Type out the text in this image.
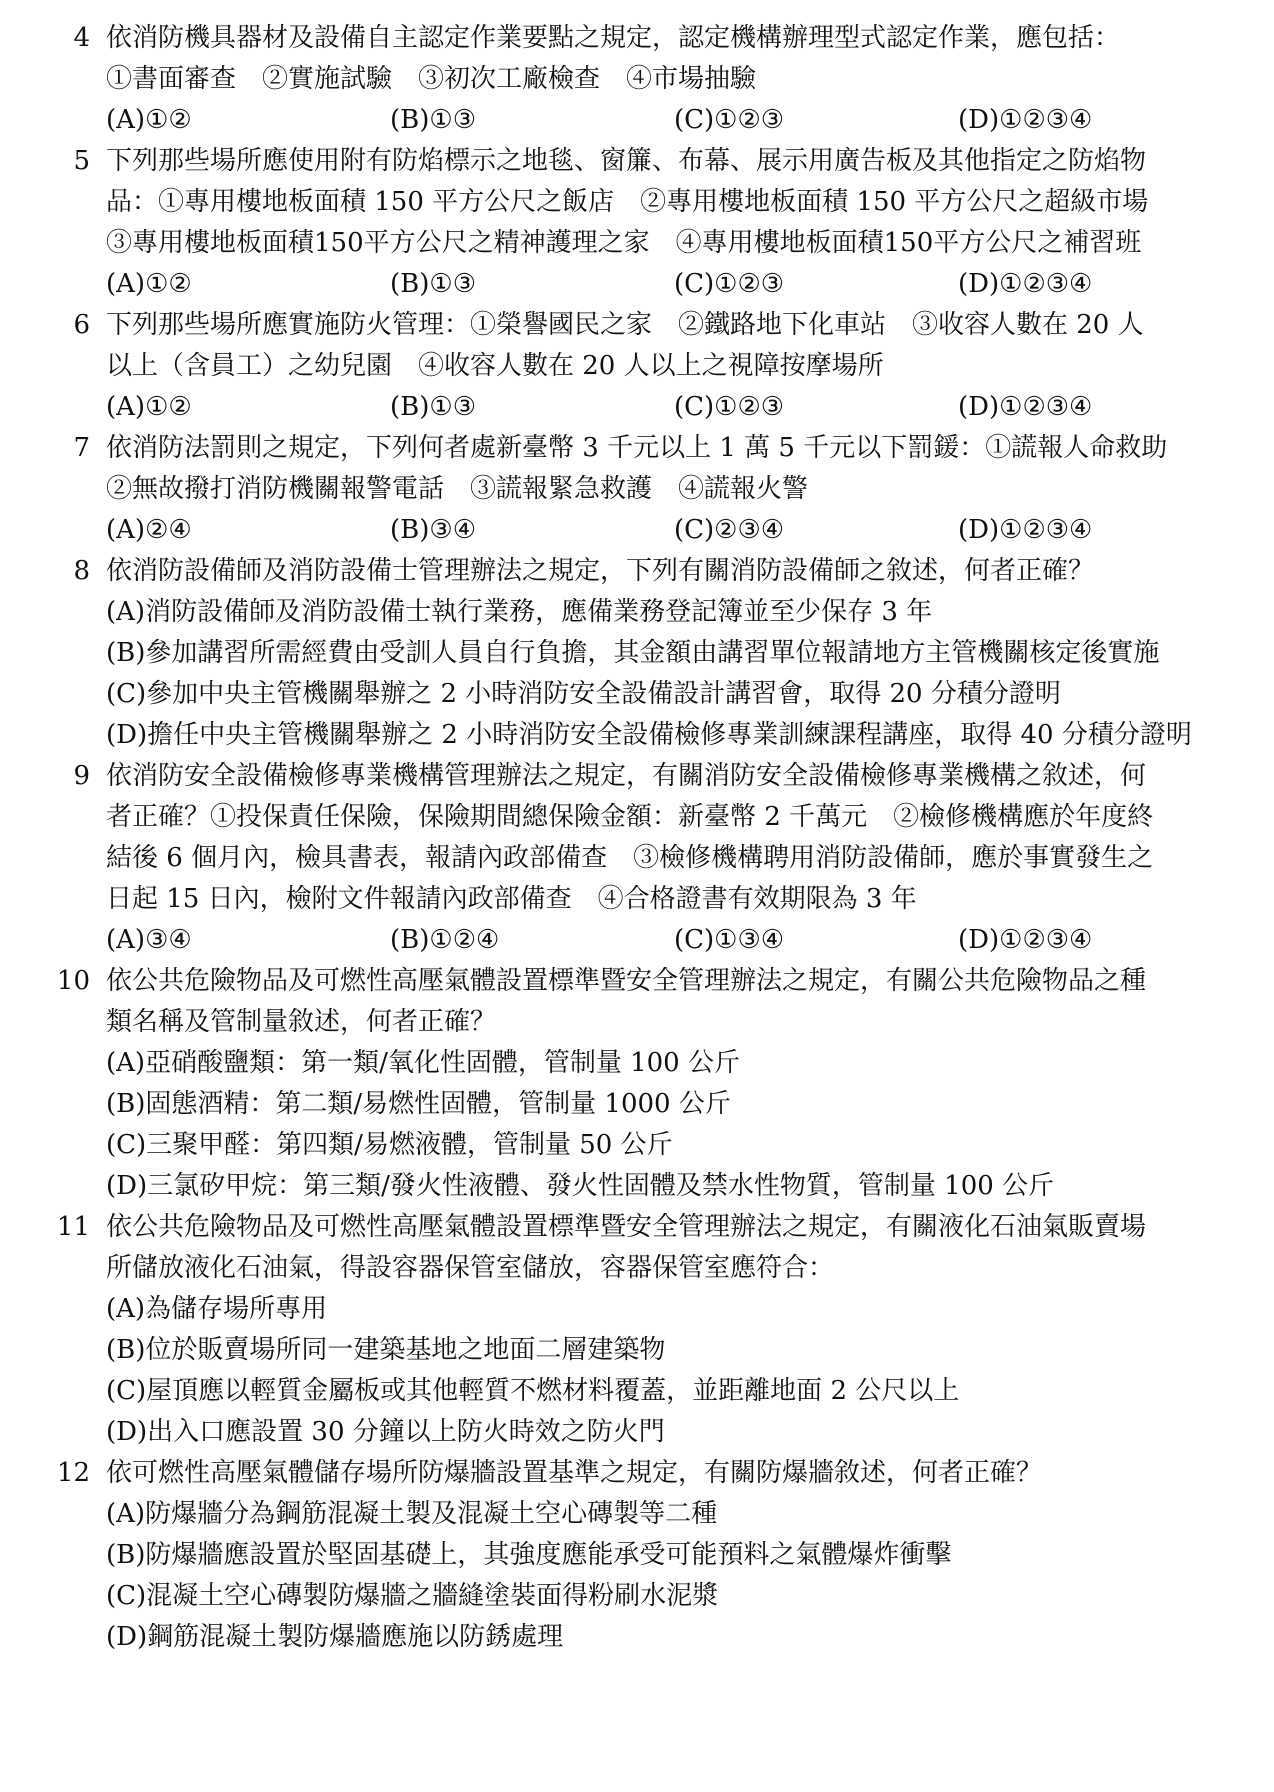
4 依消防機具器材及設備自主認定作業要點之規定，認定機構辦理型式認定作業，應包括：
①書面審查　②實施試驗　③初次工廠檢查　④市場抽驗
(A)①②	(B)①③	(C)①②③	(D)①②③④
5 下列那些場所應使用附有防焰標示之地毯、窗簾、布幕、展示用廣告板及其他指定之防焰物
品：①專用樓地板面積 150 平方公尺之飯店　②專用樓地板面積 150 平方公尺之超級市場
③專用樓地板面積150平方公尺之精神護理之家　④專用樓地板面積150平方公尺之補習班
(A)①②	(B)①③	(C)①②③	(D)①②③④
6 下列那些場所應實施防火管理：①榮譽國民之家　②鐵路地下化車站　③收容人數在 20 人
以上（含員工）之幼兒園　④收容人數在 20 人以上之視障按摩場所
(A)①②	(B)①③	(C)①②③	(D)①②③④
7 依消防法罰則之規定，下列何者處新臺幣 3 千元以上 1 萬 5 千元以下罰鍰：①謊報人命救助
②無故撥打消防機關報警電話　③謊報緊急救護　④謊報火警
(A)②④	(B)③④	(C)②③④	(D)①②③④
8 依消防設備師及消防設備士管理辦法之規定，下列有關消防設備師之敘述，何者正確？
(A)消防設備師及消防設備士執行業務，應備業務登記簿並至少保存 3 年
(B)參加講習所需經費由受訓人員自行負擔，其金額由講習單位報請地方主管機關核定後實施
(C)參加中央主管機關舉辦之 2 小時消防安全設備設計講習會，取得 20 分積分證明
(D)擔任中央主管機關舉辦之 2 小時消防安全設備檢修專業訓練課程講座，取得 40 分積分證明
9 依消防安全設備檢修專業機構管理辦法之規定，有關消防安全設備檢修專業機構之敘述，何
者正確？①投保責任保險，保險期間總保險金額：新臺幣 2 千萬元　②檢修機構應於年度終
結後 6 個月內，檢具書表，報請內政部備查　③檢修機構聘用消防設備師，應於事實發生之
日起 15 日內，檢附文件報請內政部備查　④合格證書有效期限為 3 年
(A)③④	(B)①②④	(C)①③④	(D)①②③④
10 依公共危險物品及可燃性高壓氣體設置標準暨安全管理辦法之規定，有關公共危險物品之種
類名稱及管制量敘述，何者正確？
(A)亞硝酸鹽類：第一類/氧化性固體，管制量 100 公斤
(B)固態酒精：第二類/易燃性固體，管制量 1000 公斤
(C)三聚甲醛：第四類/易燃液體，管制量 50 公斤
(D)三氯矽甲烷：第三類/發火性液體、發火性固體及禁水性物質，管制量 100 公斤
11 依公共危險物品及可燃性高壓氣體設置標準暨安全管理辦法之規定，有關液化石油氣販賣場
所儲放液化石油氣，得設容器保管室儲放，容器保管室應符合：
(A)為儲存場所專用
(B)位於販賣場所同一建築基地之地面二層建築物
(C)屋頂應以輕質金屬板或其他輕質不燃材料覆蓋，並距離地面 2 公尺以上
(D)出入口應設置 30 分鐘以上防火時效之防火門
12 依可燃性高壓氣體儲存場所防爆牆設置基準之規定，有關防爆牆敘述，何者正確？
(A)防爆牆分為鋼筋混凝土製及混凝土空心磚製等二種
(B)防爆牆應設置於堅固基礎上，其強度應能承受可能預料之氣體爆炸衝擊
(C)混凝土空心磚製防爆牆之牆縫塗裝面得粉刷水泥漿
(D)鋼筋混凝土製防爆牆應施以防銹處理
